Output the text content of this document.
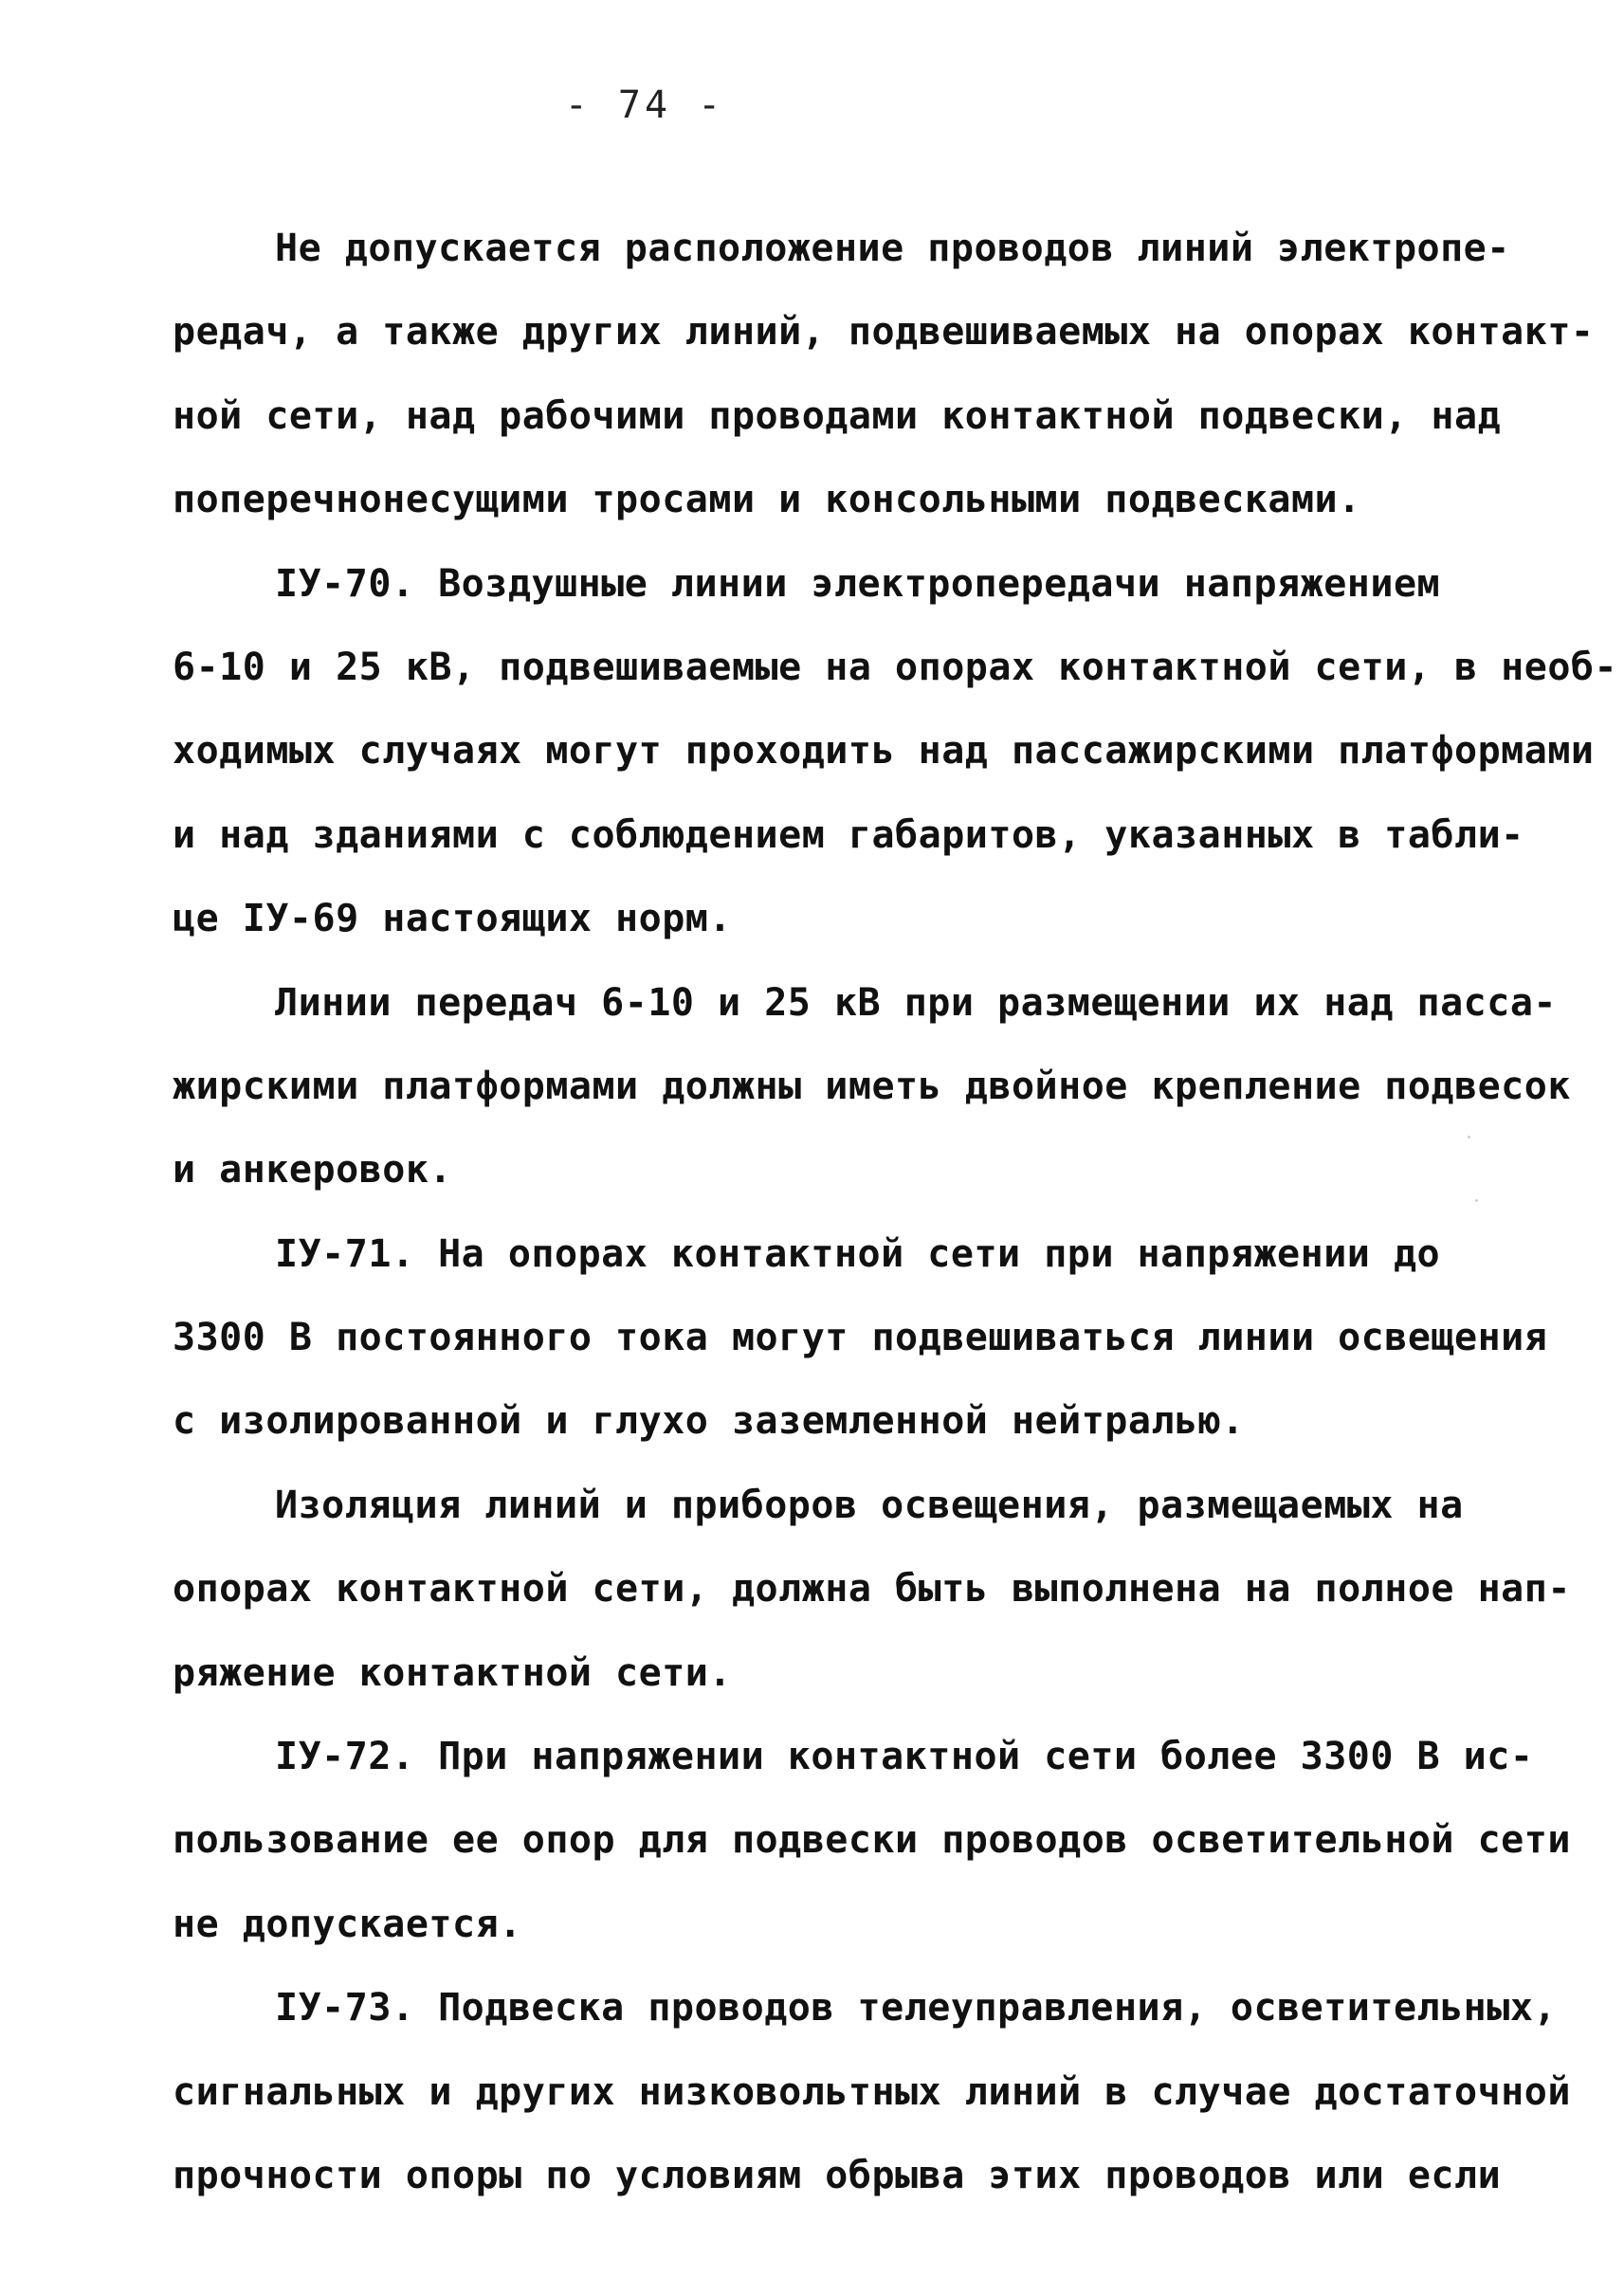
- 74 -
Не допускается расположение проводов линий электропе-
редач, а также других линий, подвешиваемых на опорах контакт-
ной сети, над рабочими проводами контактной подвески, над
поперечнонесущими тросами и консольными подвесками.
IУ-70. Воздушные линии электропередачи напряжением
6-10 и 25 кВ, подвешиваемые на опорах контактной сети, в необ-
ходимых случаях могут проходить над пассажирскими платформами
и над зданиями с соблюдением габаритов, указанных в табли-
це IУ-69 настоящих норм.
Линии передач 6-10 и 25 кВ при размещении их над пасса-
жирскими платформами должны иметь двойное крепление подвесок
и анкеровок.
IУ-71. На опорах контактной сети при напряжении до
3300 В постоянного тока могут подвешиваться линии освещения
с изолированной и глухо заземленной нейтралью.
Изоляция линий и приборов освещения, размещаемых на
опорах контактной сети, должна быть выполнена на полное нап-
ряжение контактной сети.
IУ-72. При напряжении контактной сети более 3300 В ис-
пользование ее опор для подвески проводов осветительной сети
не допускается.
IУ-73. Подвеска проводов телеуправления, осветительных,
сигнальных и других низковольтных линий в случае достаточной
прочности опоры по условиям обрыва этих проводов или если
